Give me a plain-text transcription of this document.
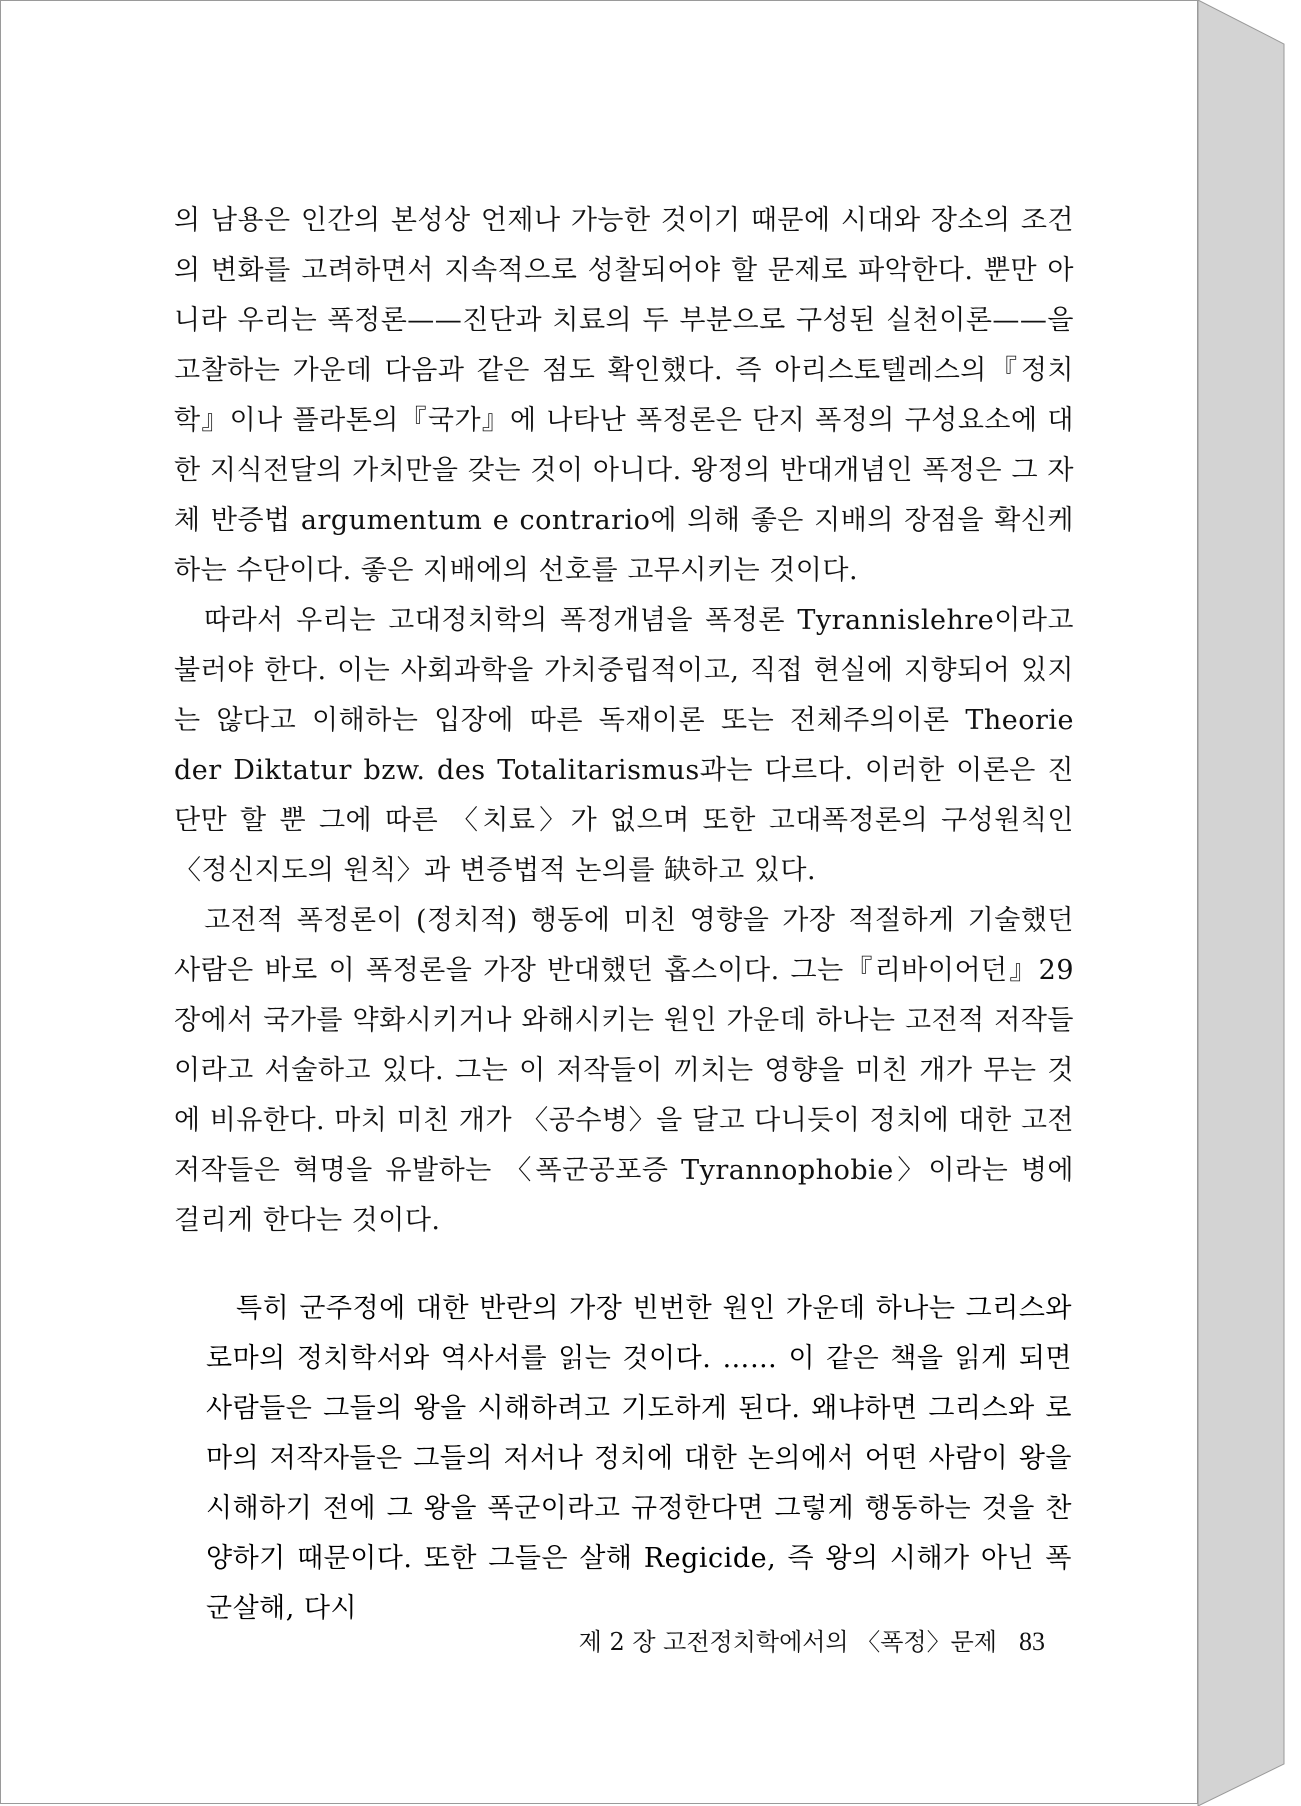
의 남용은 인간의 본성상 언제나 가능한 것이기 때문에 시대와 장소의 조건의 변화를 고려하면서 지속적으로 성찰되어야 할 문제로 파악한다. 뿐만 아니라 우리는 폭정론——진단과 치료의 두 부분으로 구성된 실천이론——을 고찰하는 가운데 다음과 같은 점도 확인했다. 즉 아리스토텔레스의『정치학』이나 플라톤의『국가』에 나타난 폭정론은 단지 폭정의 구성요소에 대한 지식전달의 가치만을 갖는 것이 아니다. 왕정의 반대개념인 폭정은 그 자체 반증법 argumentum e contrario에 의해 좋은 지배의 장점을 확신케 하는 수단이다. 좋은 지배에의 선호를 고무시키는 것이다.

따라서 우리는 고대정치학의 폭정개념을 폭정론 Tyrannislehre이라고 불러야 한다. 이는 사회과학을 가치중립적이고, 직접 현실에 지향되어 있지는 않다고 이해하는 입장에 따른 독재이론 또는 전체주의이론 Theorie der Diktatur bzw. des Totalitarismus과는 다르다. 이러한 이론은 진단만 할 뿐 그에 따른 〈치료〉가 없으며 또한 고대폭정론의 구성원칙인 〈정신지도의 원칙〉과 변증법적 논의를 缺하고 있다.

고전적 폭정론이 (정치적) 행동에 미친 영향을 가장 적절하게 기술했던 사람은 바로 이 폭정론을 가장 반대했던 홉스이다. 그는『리바이어던』29장에서 국가를 약화시키거나 와해시키는 원인 가운데 하나는 고전적 저작들이라고 서술하고 있다. 그는 이 저작들이 끼치는 영향을 미친 개가 무는 것에 비유한다. 마치 미친 개가 〈공수병〉을 달고 다니듯이 정치에 대한 고전저작들은 혁명을 유발하는 〈폭군공포증 Tyrannophobie〉이라는 병에 걸리게 한다는 것이다.

특히 군주정에 대한 반란의 가장 빈번한 원인 가운데 하나는 그리스와 로마의 정치학서와 역사서를 읽는 것이다. …… 이 같은 책을 읽게 되면 사람들은 그들의 왕을 시해하려고 기도하게 된다. 왜냐하면 그리스와 로마의 저작자들은 그들의 저서나 정치에 대한 논의에서 어떤 사람이 왕을 시해하기 전에 그 왕을 폭군이라고 규정한다면 그렇게 행동하는 것을 찬양하기 때문이다. 또한 그들은 살해 Regicide, 즉 왕의 시해가 아닌 폭군살해, 다시

제 2 장 고전정치학에서의 〈폭정〉문제 83
